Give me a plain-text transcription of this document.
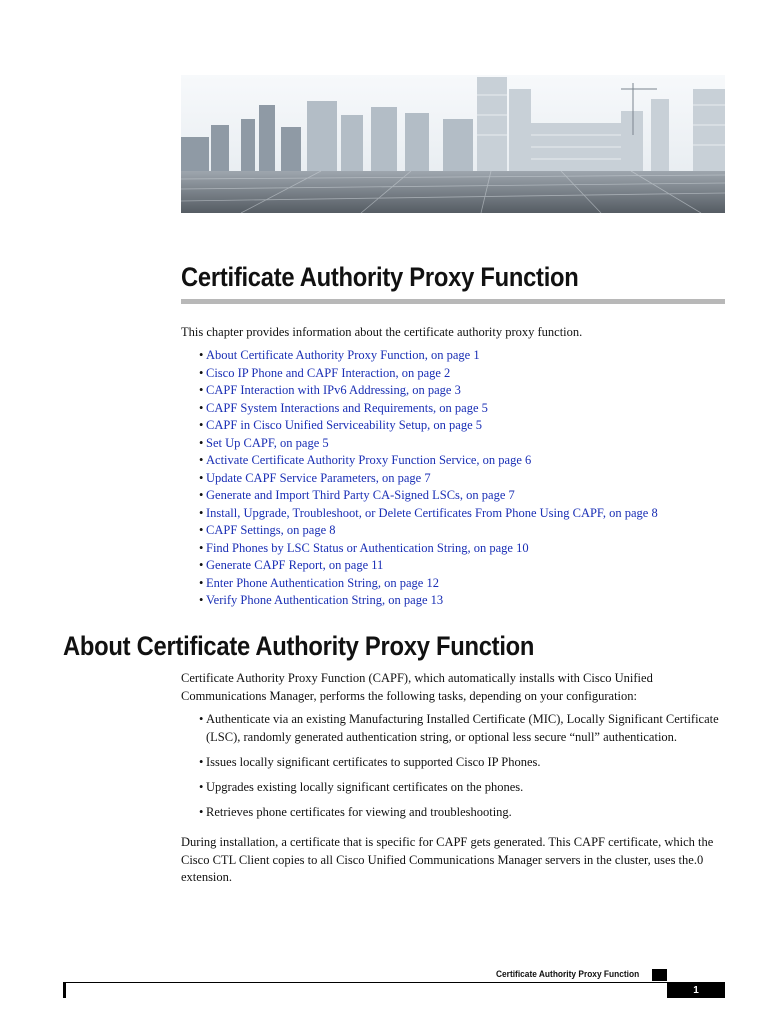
Certificate Authority Proxy Function

This chapter provides information about the certificate authority proxy function.

• About Certificate Authority Proxy Function, on page 1
• Cisco IP Phone and CAPF Interaction, on page 2
• CAPF Interaction with IPv6 Addressing, on page 3
• CAPF System Interactions and Requirements, on page 5
• CAPF in Cisco Unified Serviceability Setup, on page 5
• Set Up CAPF, on page 5
• Activate Certificate Authority Proxy Function Service, on page 6
• Update CAPF Service Parameters, on page 7
• Generate and Import Third Party CA-Signed LSCs, on page 7
• Install, Upgrade, Troubleshoot, or Delete Certificates From Phone Using CAPF, on page 8
• CAPF Settings, on page 8
• Find Phones by LSC Status or Authentication String, on page 10
• Generate CAPF Report, on page 11
• Enter Phone Authentication String, on page 12
• Verify Phone Authentication String, on page 13
About Certificate Authority Proxy Function

Certificate Authority Proxy Function (CAPF), which automatically installs with Cisco Unified Communications Manager, performs the following tasks, depending on your configuration:

• Authenticate via an existing Manufacturing Installed Certificate (MIC), Locally Significant Certificate (LSC), randomly generated authentication string, or optional less secure “null” authentication.
• Issues locally significant certificates to supported Cisco IP Phones.
• Upgrades existing locally significant certificates on the phones.
• Retrieves phone certificates for viewing and troubleshooting.

During installation, a certificate that is specific for CAPF gets generated. This CAPF certificate, which the Cisco CTL Client copies to all Cisco Unified Communications Manager servers in the cluster, uses the.0 extension.

Certificate Authority Proxy Function
1
